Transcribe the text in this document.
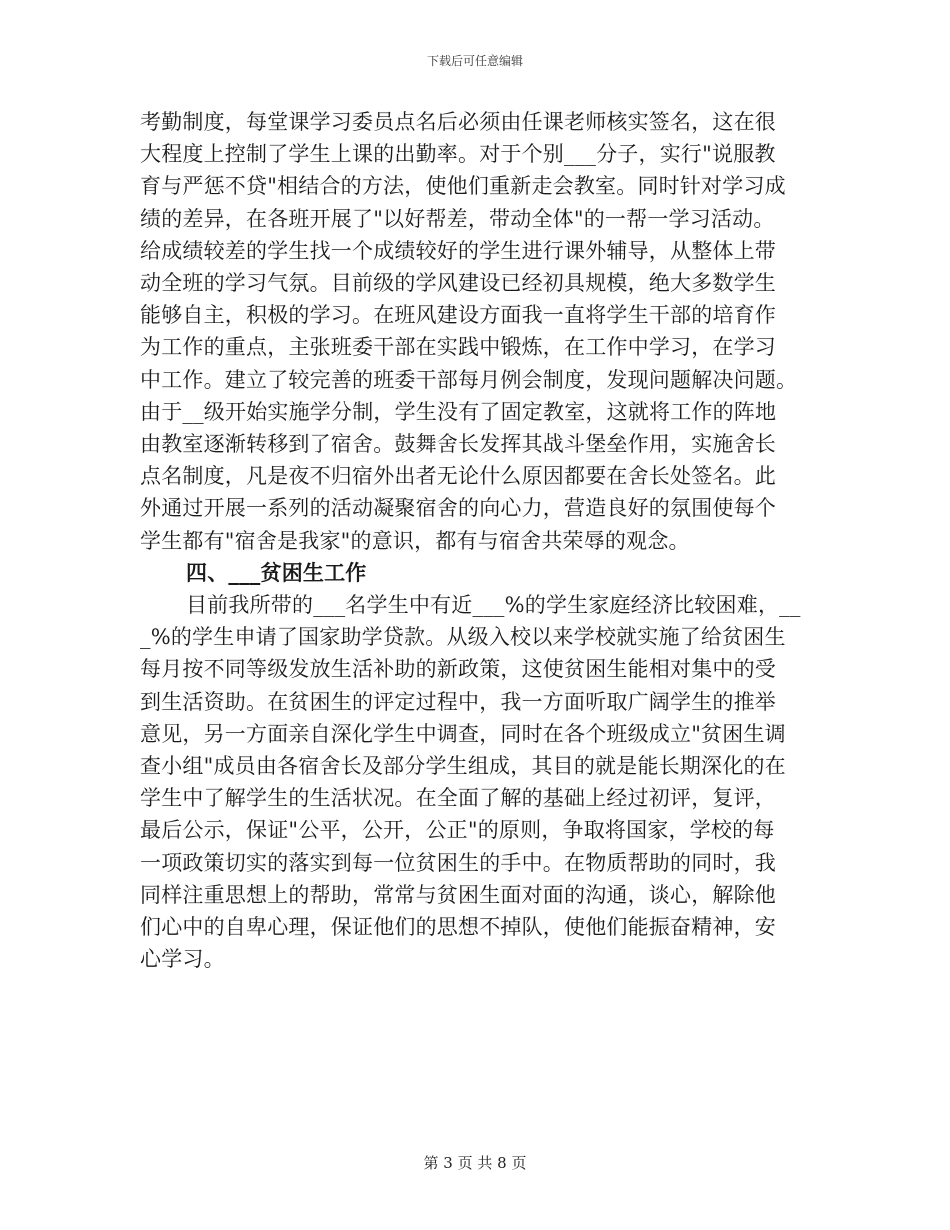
下载后可任意编辑
考勤制度，每堂课学习委员点名后必须由任课老师核实签名，这在很
大程度上控制了学生上课的出勤率。对于个别___分子，实行"说服教
育与严惩不贷"相结合的方法，使他们重新走会教室。同时针对学习成
绩的差异，在各班开展了"以好帮差，带动全体"的一帮一学习活动。
给成绩较差的学生找一个成绩较好的学生进行课外辅导，从整体上带
动全班的学习气氛。目前级的学风建设已经初具规模，绝大多数学生
能够自主，积极的学习。在班风建设方面我一直将学生干部的培育作
为工作的重点，主张班委干部在实践中锻炼，在工作中学习，在学习
中工作。建立了较完善的班委干部每月例会制度，发现问题解决问题。
由于__级开始实施学分制，学生没有了固定教室，这就将工作的阵地
由教室逐渐转移到了宿舍。鼓舞舍长发挥其战斗堡垒作用，实施舍长
点名制度，凡是夜不归宿外出者无论什么原因都要在舍长处签名。此
外通过开展一系列的活动凝聚宿舍的向心力，营造良好的氛围使每个
学生都有"宿舍是我家"的意识，都有与宿舍共荣辱的观念。
四、___贫困生工作
目前我所带的___名学生中有近___%的学生家庭经济比较困难，__
_%的学生申请了国家助学贷款。从级入校以来学校就实施了给贫困生
每月按不同等级发放生活补助的新政策，这使贫困生能相对集中的受
到生活资助。在贫困生的评定过程中，我一方面听取广阔学生的推举
意见，另一方面亲自深化学生中调查，同时在各个班级成立"贫困生调
查小组"成员由各宿舍长及部分学生组成，其目的就是能长期深化的在
学生中了解学生的生活状况。在全面了解的基础上经过初评，复评，
最后公示，保证"公平，公开，公正"的原则，争取将国家，学校的每
一项政策切实的落实到每一位贫困生的手中。在物质帮助的同时，我
同样注重思想上的帮助，常常与贫困生面对面的沟通，谈心，解除他
们心中的自卑心理，保证他们的思想不掉队，使他们能振奋精神，安
心学习。
第 3 页 共 8 页
